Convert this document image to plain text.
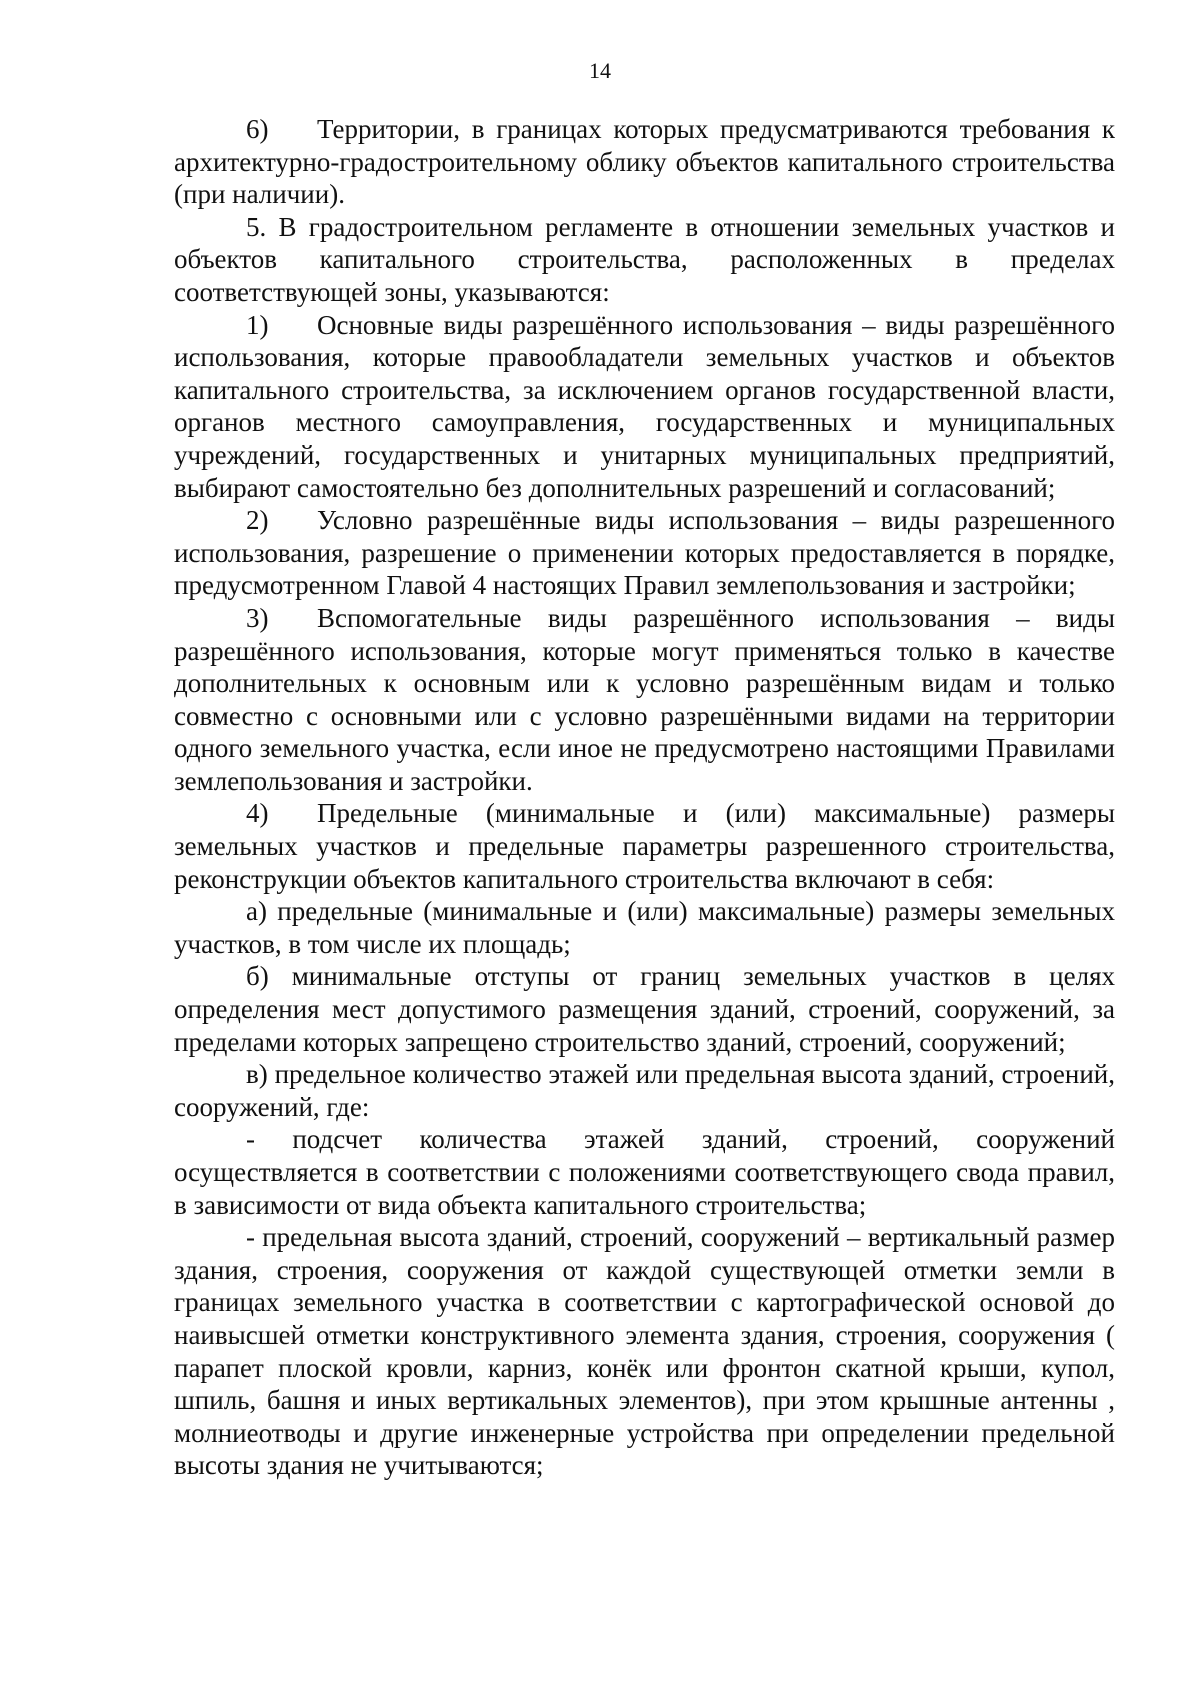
14

6) Территории, в границах которых предусматриваются требования к архитектурно-градостроительному облику объектов капитального строительства (при наличии).

5. В градостроительном регламенте в отношении земельных участков и объектов капитального строительства, расположенных в пределах соответствующей зоны, указываются:

1) Основные виды разрешённого использования – виды разрешённого использования, которые правообладатели земельных участков и объектов капитального строительства, за исключением органов государственной власти, органов местного самоуправления, государственных и муниципальных учреждений, государственных и унитарных муниципальных предприятий, выбирают самостоятельно без дополнительных разрешений и согласований;

2) Условно разрешённые виды использования – виды разрешенного использования, разрешение о применении которых предоставляется в порядке, предусмотренном Главой 4 настоящих Правил землепользования и застройки;

3) Вспомогательные виды разрешённого использования – виды разрешённого использования, которые могут применяться только в качестве дополнительных к основным или к условно разрешённым видам и только совместно с основными или с условно разрешёнными видами на территории одного земельного участка, если иное не предусмотрено настоящими Правилами землепользования и застройки.

4) Предельные (минимальные и (или) максимальные) размеры земельных участков и предельные параметры разрешенного строительства, реконструкции объектов капитального строительства включают в себя:

а) предельные (минимальные и (или) максимальные) размеры земельных участков, в том числе их площадь;

б) минимальные отступы от границ земельных участков в целях определения мест допустимого размещения зданий, строений, сооружений, за пределами которых запрещено строительство зданий, строений, сооружений;

в) предельное количество этажей или предельная высота зданий, строений, сооружений, где:

- подсчет количества этажей зданий, строений, сооружений осуществляется в соответствии с положениями соответствующего свода правил, в зависимости от вида объекта капитального строительства;

- предельная высота зданий, строений, сооружений – вертикальный размер здания, строения, сооружения от каждой существующей отметки земли в границах земельного участка в соответствии с картографической основой до наивысшей отметки конструктивного элемента здания, строения, сооружения ( парапет плоской кровли, карниз, конёк или фронтон скатной крыши, купол, шпиль, башня и иных вертикальных элементов), при этом крышные антенны , молниеотводы и другие инженерные устройства при определении предельной высоты здания не учитываются;
